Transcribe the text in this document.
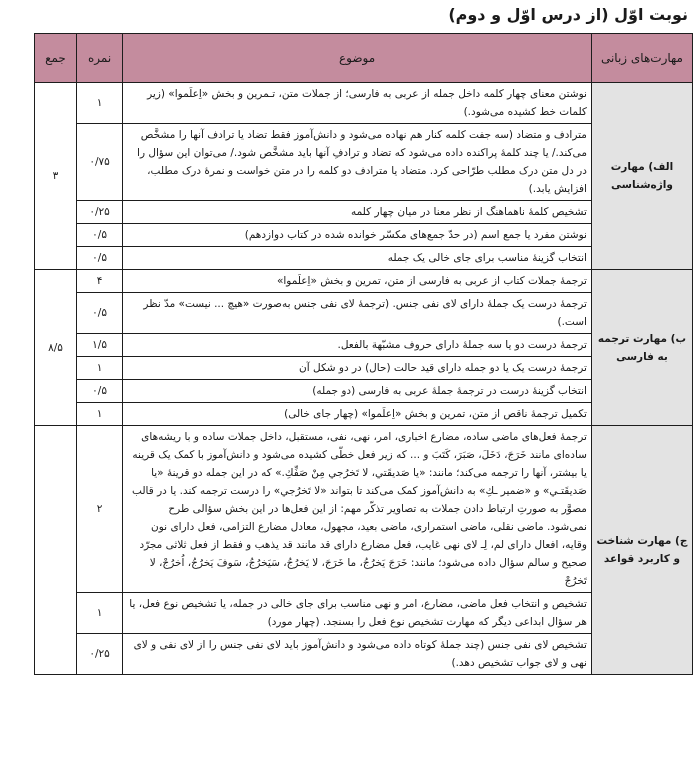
نوبت اوّل (از درس اوّل و دوم)
مهارت‌های زبانی	موضوع	نمره	جمع
الف) مهارت واژه‌شناسی	نوشتن معنای چهار کلمه داخل جمله از عربی به فارسی؛ از جملات متن، تـمرین و بخش «اِعلَموا» (زیر کلمات خط کشیده می‌شود.)	۱	۳
	مترادف و متضاد (سه جفت کلمه کنار هم نهاده می‌شود و دانش‌آموز فقط تضاد یا ترادف آنها را مشخَّص می‌کند./ یا چند کلمهٔ پراکنده داده می‌شود که تضاد و ترادفِ آنها باید مشخَّص شود./ می‌توان این سؤال را در دل متن درک مطلب طرّاحی کرد. متضاد یا مترادف دو کلمه را در متن خواست و نمرهٔ درک مطلب، افزایش یابد.)	۰/۷۵	
	تشخیص کلمهٔ ناهماهنگ از نظر معنا در میان چهار کلمه	۰/۲۵	
	نوشتن مفرد یا جمع اسم (در حدّ جمع‌های مکسّر خوانده شده در کتاب دوازدهم)	۰/۵	
	انتخاب گزینهٔ مناسب برای جای خالی یک جمله	۰/۵	
ب) مهارت ترجمه به فارسی	ترجمهٔ جملات کتاب از عربی به فارسی از متن، تمرین و بخش «اِعلَموا»	۴	۸/۵
	ترجمهٔ درست یک جملهٔ دارای لای نفی جنس. (ترجمهٔ لای نفی جنس به‌صورت «هیچ ... نیست» مدّ نظر است.)	۰/۵	
	ترجمهٔ درست دو یا سه جملهٔ دارای حروف مشبّهة بالفعل.	۱/۵	
	ترجمهٔ درست یک یا دو جمله دارای قید حالت (حال) در دو شکل آن	۱	
	انتخاب گزینهٔ درست در ترجمهٔ جملهٔ عربی به فارسی (دو جمله)	۰/۵	
	تکمیل ترجمهٔ ناقص از متن، تمرین و بخش «اِعلَموا» (چهار جای خالی)	۱	
ج) مهارت شناخت و کاربرد قواعد	ترجمهٔ فعل‌های ماضی ساده، مضارع اخباری، امر، نهی، نفی، مستقبل، داخل جملات ساده و با ریشه‌های ساده‌ای مانند خَرَجَ، دَخَلَ، صَبَرَ، کَتَبَ و ... که زیر فعل خطّی کشیده می‌شود و دانش‌آموز با کمک یک قرینه یا بیشتر، آنها را ترجمه می‌کند؛ مانند: «یا صَدیقَتي، لا تَخرُجي مِنْ صَفِّكِ.» که در این جمله دو قرینهٔ «یا صَدیقَتـي» و «ضمیر ـكِ» به دانش‌آموز کمک می‌کند تا بتواند «لا تَخرُجي» را درست ترجمه کند. یا در قالب مصوَّر به صورتِ ارتباط دادن جملات به تصاویر تذکّر مهم: از این فعل‌ها در این بخش سؤالی طرح نمی‌شود. ماضی نقلی، ماضی استمراری، ماضی بعید، مجهول، معادل مضارع التزامی، فعل دارای نون وقایه، افعال دارای لم، لِـ لای نهی غایب، فعل مضارع دارای قد مانند قد یذهب و فقط از فعل ثلاثی مجرّد صحیح و سالم سؤال داده می‌شود؛ مانند: خَرَجَ یَخرُجُ، ما خَرَجَ، لا یَخرُجُ، سَیَخرُجُ، سَوفَ یَخرُجُ، اُخرُجْ، لا تَخرُجْ	۲	
	تشخیص و انتخاب فعل ماضی، مضارع، امر و نهی مناسب برای جای خالی در جمله، یا تشخیص نوع فعل، یا هر سؤال ابداعی دیگر که مهارت تشخیص نوع فعل را بسنجد. (چهار مورد)	۱	
	تشخیص لای نفی جنس (چند جملهٔ کوتاه داده می‌شود و دانش‌آموز باید لای نفی جنس را از لای نفی و لای نهی و لای جواب تشخیص دهد.)	۰/۲۵	
